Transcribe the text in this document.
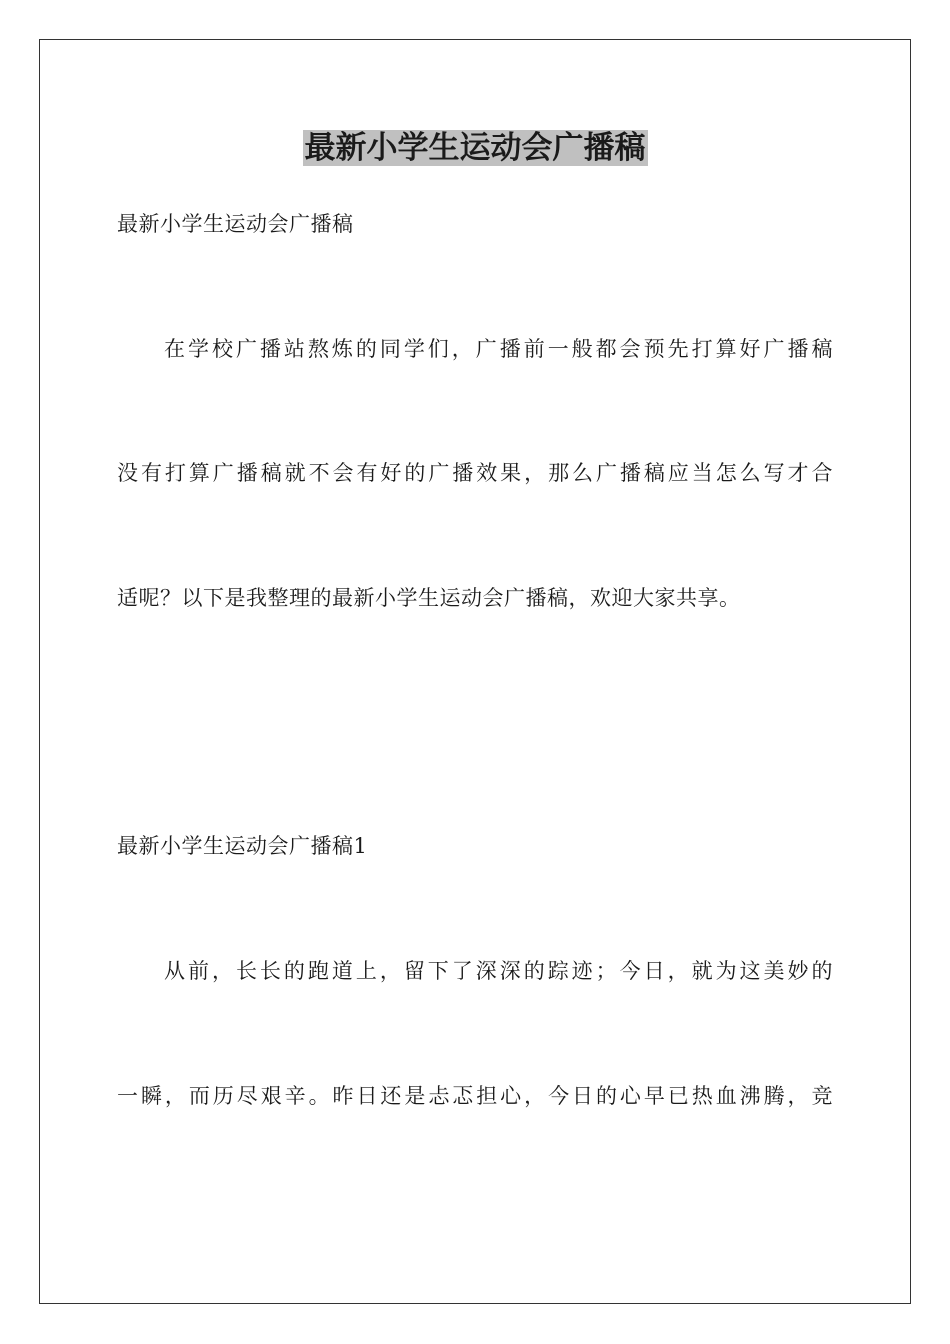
最新小学生运动会广播稿
最新小学生运动会广播稿
在学校广播站熬炼的同学们，广播前一般都会预先打算好广播稿
没有打算广播稿就不会有好的广播效果，那么广播稿应当怎么写才合
适呢？以下是我整理的最新小学生运动会广播稿，欢迎大家共享。
最新小学生运动会广播稿1
从前，长长的跑道上，留下了深深的踪迹；今日，就为这美妙的
一瞬，而历尽艰辛。昨日还是忐忑担心，今日的心早已热血沸腾，竞
